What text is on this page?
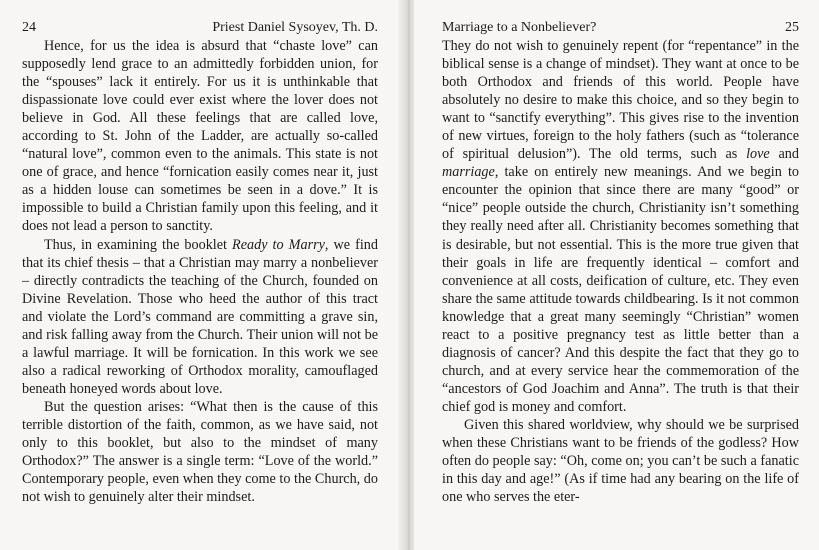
24	Priest Daniel Sysoyev, Th. D.

Hence, for us the idea is absurd that “chaste love” can supposedly lend grace to an admittedly forbidden union, for the “spouses” lack it entirely. For us it is unthinkable that dispassionate love could ever exist where the lover does not believe in God. All these feelings that are called love, according to St. John of the Ladder, are actually so-called “natural love”, common even to the animals. This state is not one of grace, and hence “fornication easily comes near it, just as a hidden louse can sometimes be seen in a dove.” It is impossible to build a Christian family upon this feeling, and it does not lead a person to sanctity.

Thus, in examining the booklet Ready to Marry, we find that its chief thesis – that a Christian may marry a nonbeliever – directly contradicts the teaching of the Church, founded on Divine Revelation. Those who heed the author of this tract and violate the Lord’s command are committing a grave sin, and risk falling away from the Church. Their union will not be a lawful marriage. It will be fornication. In this work we see also a radical reworking of Orthodox morality, camouflaged beneath honeyed words about love.

But the question arises: “What then is the cause of this terrible distortion of the faith, common, as we have said, not only to this booklet, but also to the mindset of many Orthodox?” The answer is a single term: “Love of the world.” Contemporary people, even when they come to the Church, do not wish to genuinely alter their mindset.

Marriage to a Nonbeliever?	25

They do not wish to genuinely repent (for “repentance” in the biblical sense is a change of mindset). They want at once to be both Orthodox and friends of this world. People have absolutely no desire to make this choice, and so they begin to want to “sanctify everything”. This gives rise to the invention of new virtues, foreign to the holy fathers (such as “tolerance of spiritual delusion”). The old terms, such as love and marriage, take on entirely new meanings. And we begin to encounter the opinion that since there are many “good” or “nice” people outside the church, Christianity isn’t something they really need after all. Christianity becomes something that is desirable, but not essential. This is the more true given that their goals in life are frequently identical – comfort and convenience at all costs, deification of culture, etc. They even share the same attitude towards childbearing. Is it not common knowledge that a great many seemingly “Christian” women react to a positive pregnancy test as little better than a diagnosis of cancer? And this despite the fact that they go to church, and at every service hear the commemoration of the “ancestors of God Joachim and Anna”. The truth is that their chief god is money and comfort.

Given this shared worldview, why should we be surprised when these Christians want to be friends of the godless? How often do people say: “Oh, come on; you can’t be such a fanatic in this day and age!” (As if time had any bearing on the life of one who serves the eter-
